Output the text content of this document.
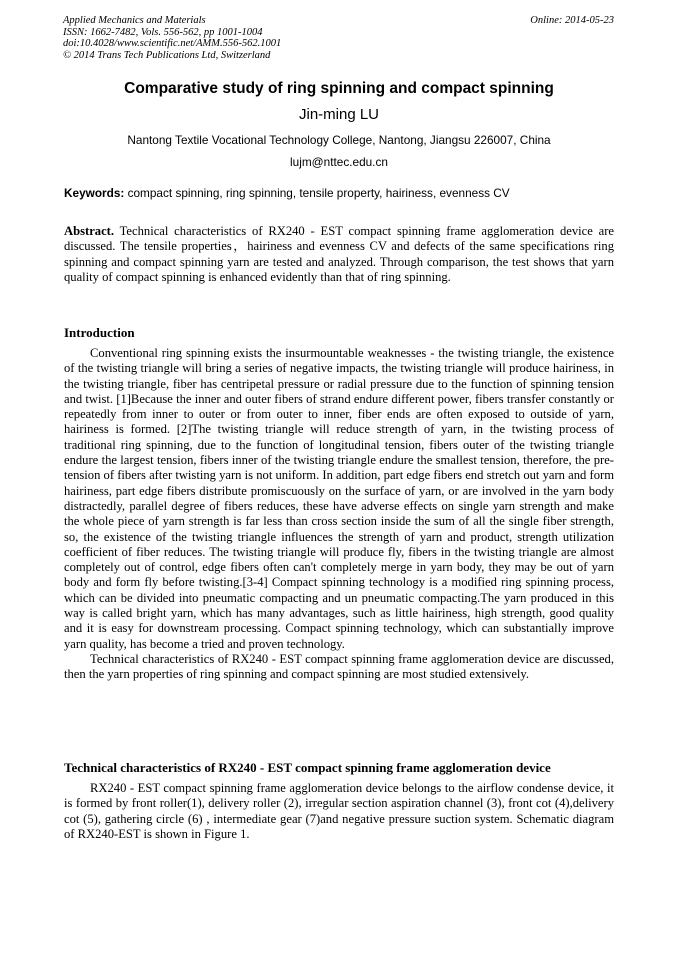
Applied Mechanics and Materials
ISSN: 1662-7482, Vols. 556-562, pp 1001-1004
doi:10.4028/www.scientific.net/AMM.556-562.1001
© 2014 Trans Tech Publications Ltd, Switzerland
Online: 2014-05-23
Comparative study of ring spinning and compact spinning
Jin-ming LU
Nantong Textile Vocational Technology College, Nantong, Jiangsu 226007, China
lujm@nttec.edu.cn
Keywords: compact spinning, ring spinning, tensile property, hairiness, evenness CV

Abstract. Technical characteristics of RX240 - EST compact spinning frame agglomeration device are discussed. The tensile properties，hairiness and evenness CV and defects of the same specifications ring spinning and compact spinning yarn are tested and analyzed. Through comparison, the test shows that yarn quality of compact spinning is enhanced evidently than that of ring spinning.

Introduction

Conventional ring spinning exists the insurmountable weaknesses - the twisting triangle, the existence of the twisting triangle will bring a series of negative impacts, the twisting triangle will produce hairiness, in the twisting triangle, fiber has centripetal pressure or radial pressure due to the function of spinning tension and twist. [1]Because the inner and outer fibers of strand endure different power, fibers transfer constantly or repeatedly from inner to outer or from outer to inner, fiber ends are often exposed to outside of yarn, hairiness is formed. [2]The twisting triangle will reduce strength of yarn, in the twisting process of traditional ring spinning, due to the function of longitudinal tension, fibers outer of the twisting triangle endure the largest tension, fibers inner of the twisting triangle endure the smallest tension, therefore, the pre-tension of fibers after twisting yarn is not uniform. In addition, part edge fibers end stretch out yarn and form hairiness, part edge fibers distribute promiscuously on the surface of yarn, or are involved in the yarn body distractedly, parallel degree of fibers reduces, these have adverse effects on single yarn strength and make the whole piece of yarn strength is far less than cross section inside the sum of all the single fiber strength, so, the existence of the twisting triangle influences the strength of yarn and product, strength utilization coefficient of fiber reduces. The twisting triangle will produce fly, fibers in the twisting triangle are almost completely out of control, edge fibers often can't completely merge in yarn body, they may be out of yarn body and form fly before twisting.[3-4] Compact spinning technology is a modified ring spinning process, which can be divided into pneumatic compacting and un pneumatic compacting.The yarn produced in this way is called bright yarn, which has many advantages, such as little hairiness, high strength, good quality and it is easy for downstream processing. Compact spinning technology, which can substantially improve yarn quality, has become a tried and proven technology.

Technical characteristics of RX240 - EST compact spinning frame agglomeration device are discussed, then the yarn properties of ring spinning and compact spinning are most studied extensively.

Technical characteristics of RX240 - EST compact spinning frame agglomeration device

RX240 - EST compact spinning frame agglomeration device belongs to the airflow condense device, it is formed by front roller(1), delivery roller (2), irregular section aspiration channel (3), front cot (4),delivery cot (5), gathering circle (6) , intermediate gear (7)and negative pressure suction system. Schematic diagram of RX240-EST is shown in Figure 1.
